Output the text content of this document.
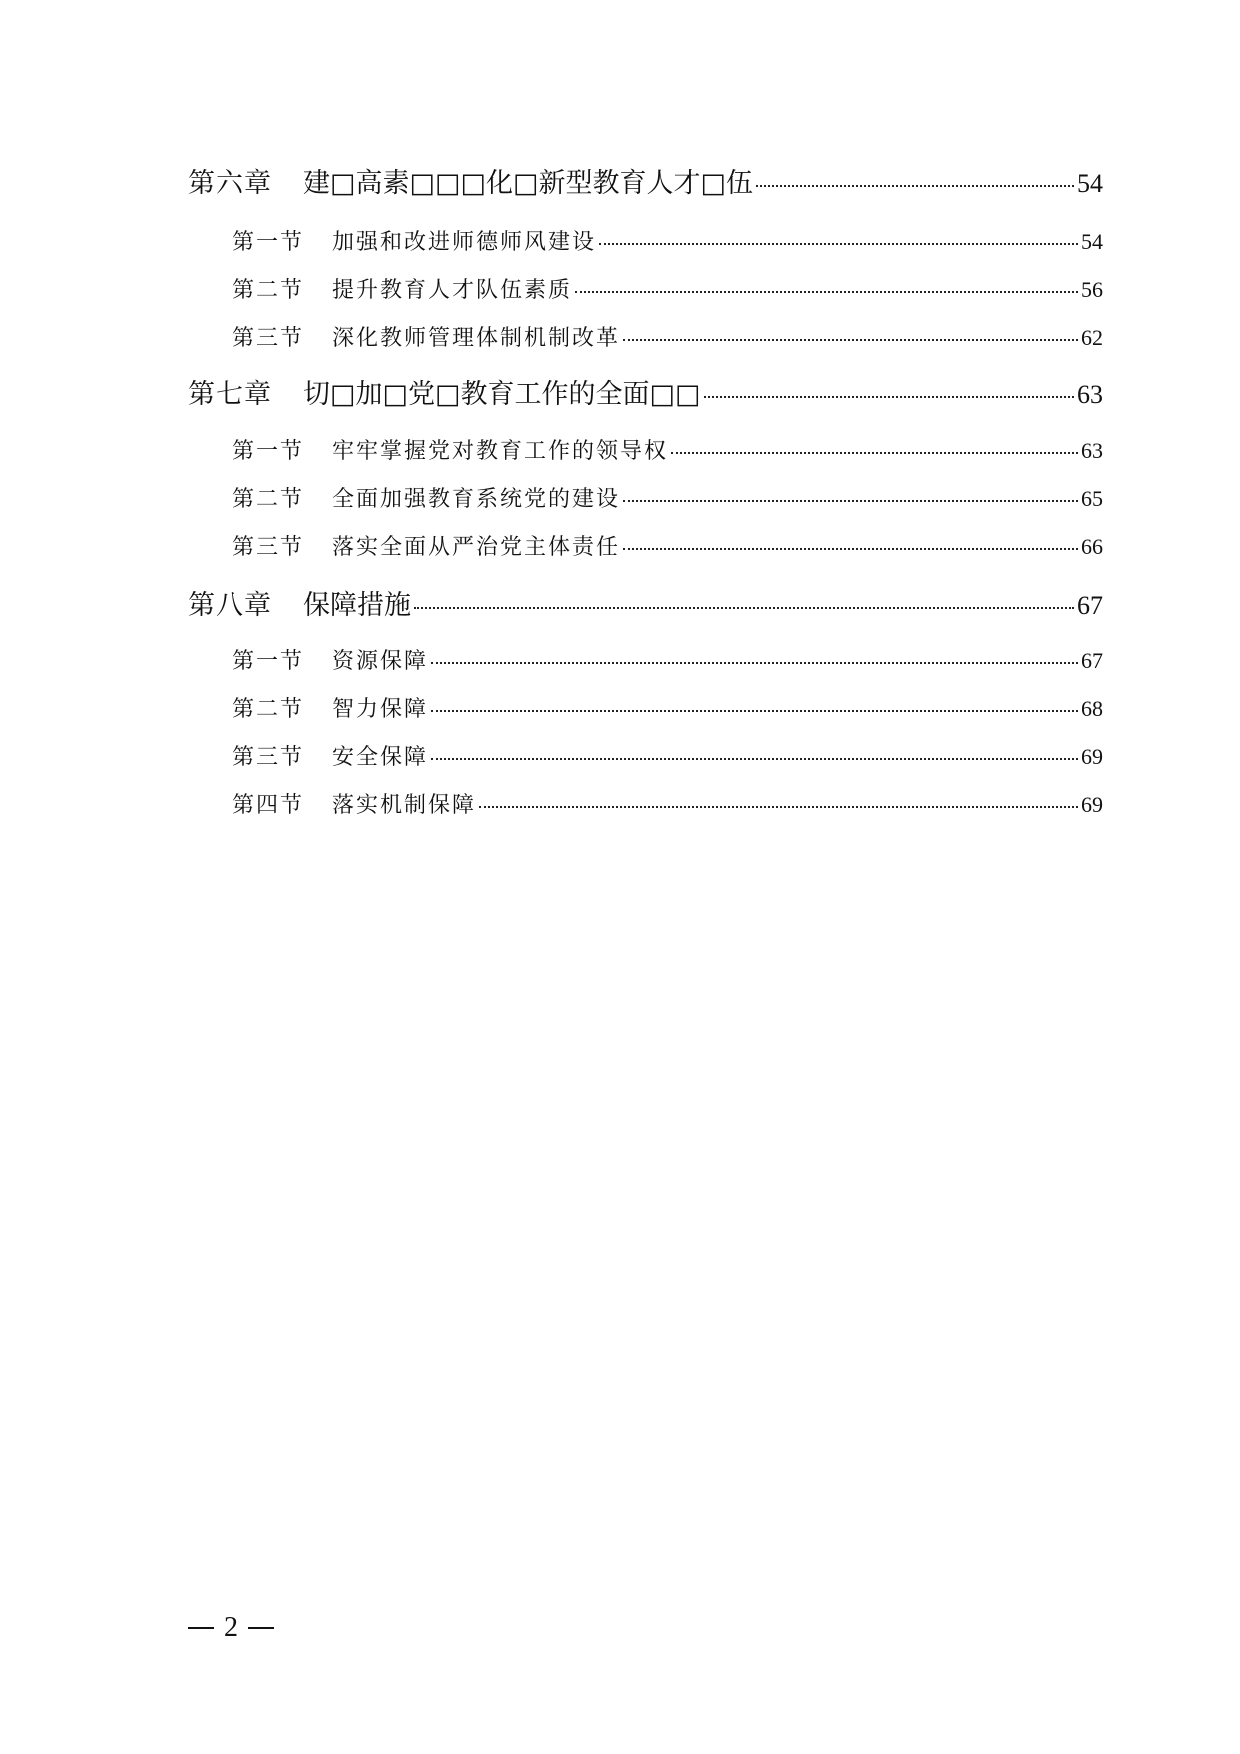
第六章	建□高素□□□化□新型教育人才□伍	54
第一节	加强和改进师德师风建设	54
第二节	提升教育人才队伍素质	56
第三节	深化教师管理体制机制改革	62
第七章	切□加□党□教育工作的全面□□	63
第一节	牢牢掌握党对教育工作的领导权	63
第二节	全面加强教育系统党的建设	65
第三节	落实全面从严治党主体责任	66
第八章	保障措施	67
第一节	资源保障	67
第二节	智力保障	68
第三节	安全保障	69
第四节	落实机制保障	69
2
